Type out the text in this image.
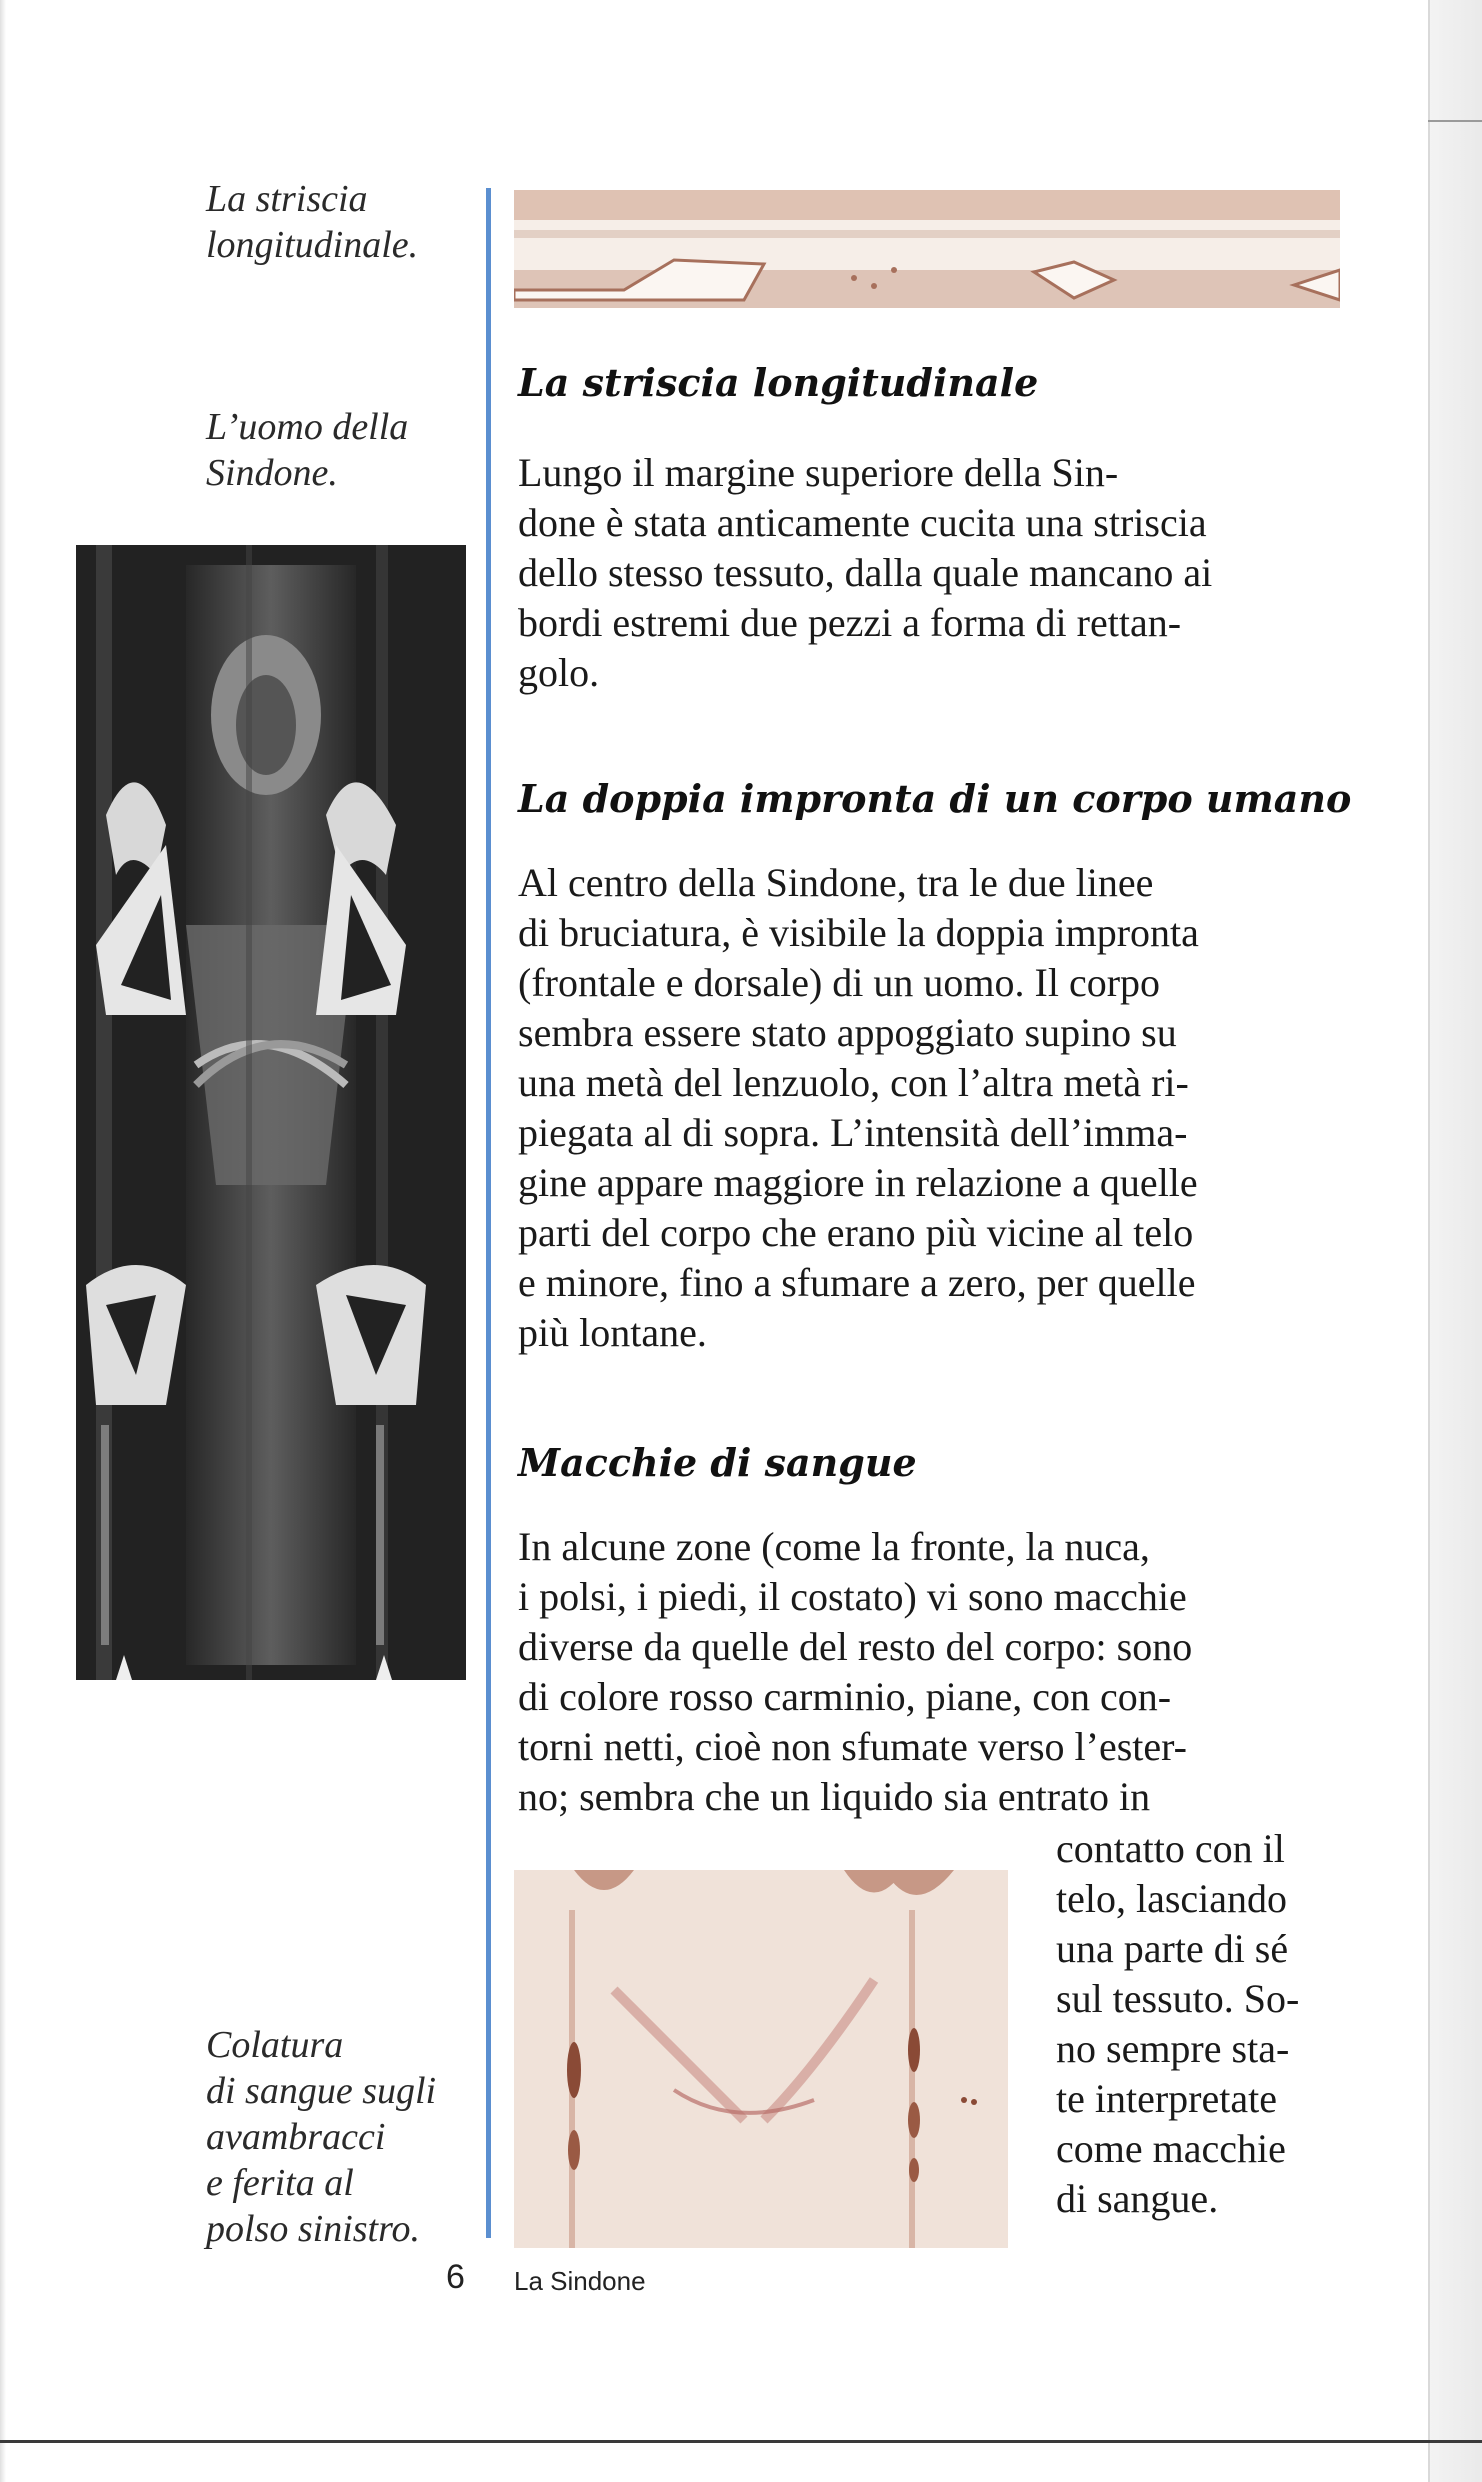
La striscia
longitudinale.
L’uomo della
Sindone.
Colatura
di sangue sugli
avambracci
e ferita al
polso sinistro.
La striscia longitudinale
Lungo il margine superiore della Sin-
done è stata anticamente cucita una striscia
dello stesso tessuto, dalla quale mancano ai
bordi estremi due pezzi a forma di rettan-
golo.
La doppia impronta di un corpo umano
Al centro della Sindone, tra le due linee
di bruciatura, è visibile la doppia impronta
(frontale e dorsale) di un uomo. Il corpo
sembra essere stato appoggiato supino su
una metà del lenzuolo, con l’altra metà ri-
piegata al di sopra. L’intensità dell’imma-
gine appare maggiore in relazione a quelle
parti del corpo che erano più vicine al telo
e minore, fino a sfumare a zero, per quelle
più lontane.
Macchie di sangue
In alcune zone (come la fronte, la nuca,
i polsi, i piedi, il costato) vi sono macchie
diverse da quelle del resto del corpo: sono
di colore rosso carminio, piane, con con-
torni netti, cioè non sfumate verso l’ester-
no; sembra che un liquido sia entrato in
contatto con il
telo, lasciando
una parte di sé
sul tessuto. So-
no sempre sta-
te interpretate
come macchie
di sangue.
6 La Sindone
